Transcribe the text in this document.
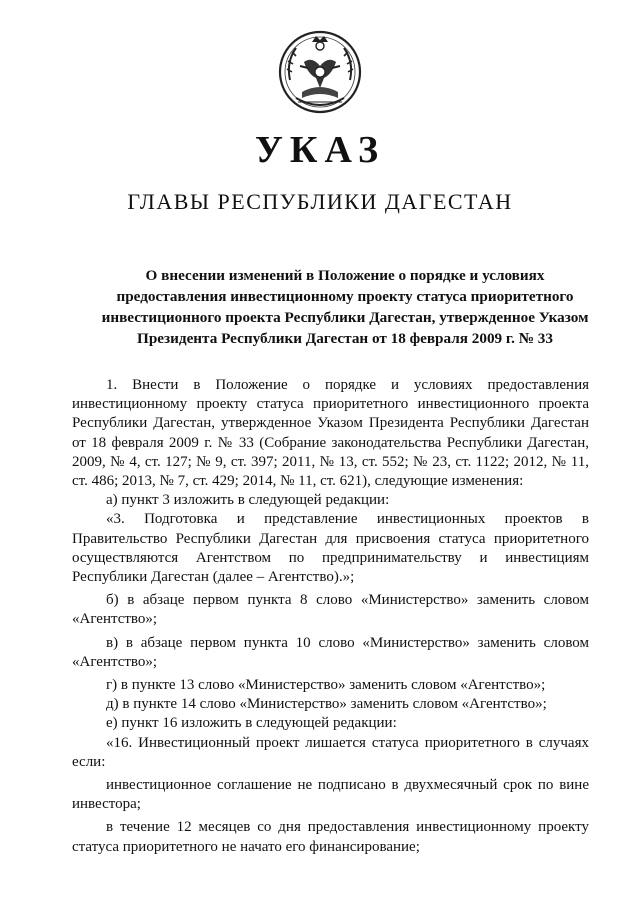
УКАЗ
ГЛАВЫ РЕСПУБЛИКИ ДАГЕСТАН
О внесении изменений в Положение о порядке и условиях предоставления инвестиционному проекту статуса приоритетного инвестиционного проекта Республики Дагестан, утвержденное Указом Президента Республики Дагестан от 18 февраля 2009 г. № 33

1. Внести в Положение о порядке и условиях предоставления инвестиционному проекту статуса приоритетного инвестиционного проекта Республики Дагестан, утвержденное Указом Президента Республики Дагестан от 18 февраля 2009 г. № 33 (Собрание законодательства Республики Дагестан, 2009, № 4, ст. 127; № 9, ст. 397; 2011, № 13, ст. 552; № 23, ст. 1122; 2012, № 11, ст. 486; 2013, № 7, ст. 429; 2014, № 11, ст. 621), следующие изменения:

а) пункт 3 изложить в следующей редакции:

«3. Подготовка и представление инвестиционных проектов в Правительство Республики Дагестан для присвоения статуса приоритетного осуществляются Агентством по предпринимательству и инвестициям Республики Дагестан (далее – Агентство).»;

б) в абзаце первом пункта 8 слово «Министерство» заменить словом «Агентство»;

в) в абзаце первом пункта 10 слово «Министерство» заменить словом «Агентство»;

г) в пункте 13 слово «Министерство» заменить словом «Агентство»;

д) в пункте 14 слово «Министерство» заменить словом «Агентство»;

е) пункт 16 изложить в следующей редакции:

«16. Инвестиционный проект лишается статуса приоритетного в случаях если:

инвестиционное соглашение не подписано в двухмесячный срок по вине инвестора;

в течение 12 месяцев со дня предоставления инвестиционному проекту статуса приоритетного не начато его финансирование;
